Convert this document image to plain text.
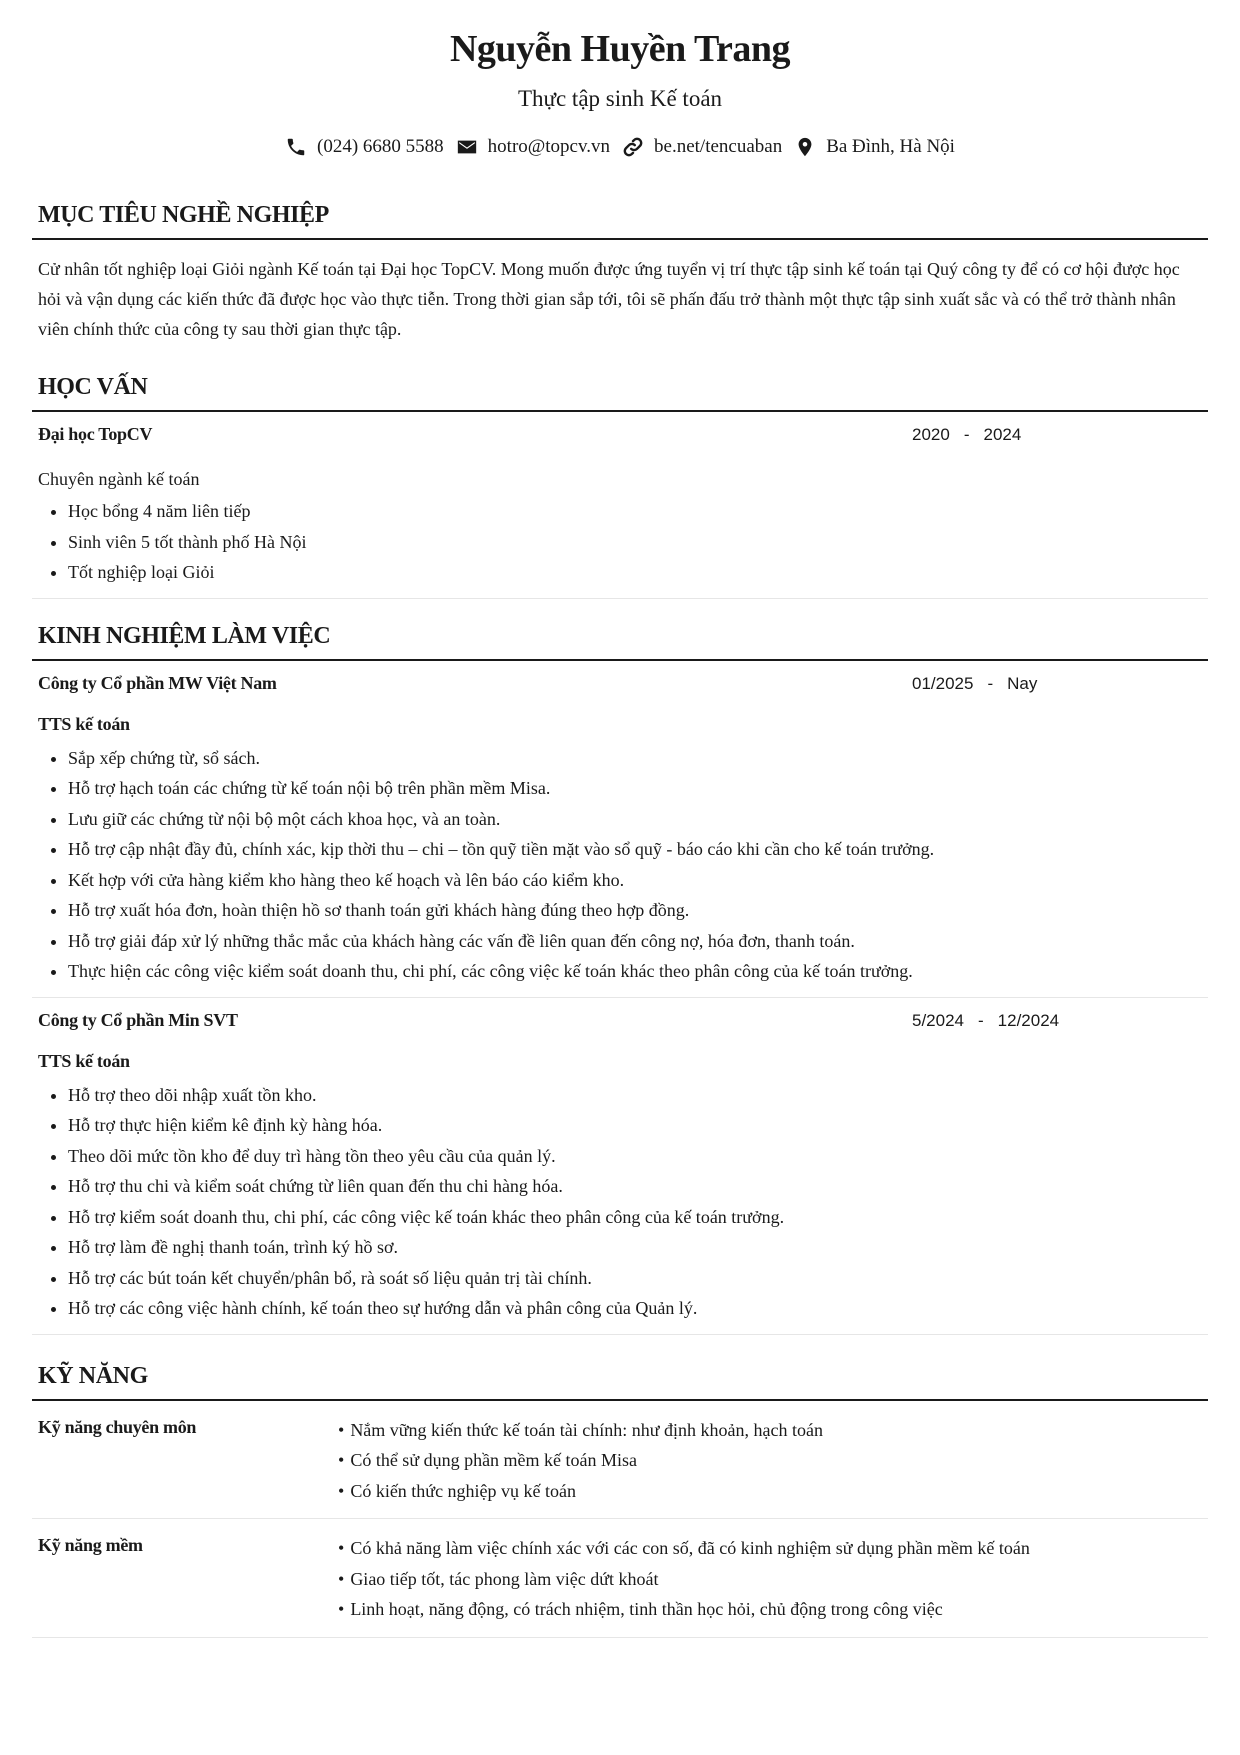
Nguyễn Huyền Trang
Thực tập sinh Kế toán
(024) 6680 5588 hotro@topcv.vn be.net/tencuaban Ba Đình, Hà Nội
MỤC TIÊU NGHỀ NGHIỆP
Cử nhân tốt nghiệp loại Giỏi ngành Kế toán tại Đại học TopCV. Mong muốn được ứng tuyển vị trí thực tập sinh kế toán tại Quý công ty để có cơ hội được học hỏi và vận dụng các kiến thức đã được học vào thực tiễn. Trong thời gian sắp tới, tôi sẽ phấn đấu trở thành một thực tập sinh xuất sắc và có thể trở thành nhân viên chính thức của công ty sau thời gian thực tập.
HỌC VẤN
Đại học TopCV	2020 - 2024
Chuyên ngành kế toán
• Học bổng 4 năm liên tiếp
• Sinh viên 5 tốt thành phố Hà Nội
• Tốt nghiệp loại Giỏi
KINH NGHIỆM LÀM VIỆC
Công ty Cổ phần MW Việt Nam	01/2025 - Nay
TTS kế toán
• Sắp xếp chứng từ, sổ sách.
• Hỗ trợ hạch toán các chứng từ kế toán nội bộ trên phần mềm Misa.
• Lưu giữ các chứng từ nội bộ một cách khoa học, và an toàn.
• Hỗ trợ cập nhật đầy đủ, chính xác, kịp thời thu – chi – tồn quỹ tiền mặt vào sổ quỹ - báo cáo khi cần cho kế toán trưởng.
• Kết hợp với cửa hàng kiểm kho hàng theo kế hoạch và lên báo cáo kiểm kho.
• Hỗ trợ xuất hóa đơn, hoàn thiện hồ sơ thanh toán gửi khách hàng đúng theo hợp đồng.
• Hỗ trợ giải đáp xử lý những thắc mắc của khách hàng các vấn đề liên quan đến công nợ, hóa đơn, thanh toán.
• Thực hiện các công việc kiểm soát doanh thu, chi phí, các công việc kế toán khác theo phân công của kế toán trưởng.
Công ty Cổ phần Min SVT	5/2024 - 12/2024
TTS kế toán
• Hỗ trợ theo dõi nhập xuất tồn kho.
• Hỗ trợ thực hiện kiểm kê định kỳ hàng hóa.
• Theo dõi mức tồn kho để duy trì hàng tồn theo yêu cầu của quản lý.
• Hỗ trợ thu chi và kiểm soát chứng từ liên quan đến thu chi hàng hóa.
• Hỗ trợ kiểm soát doanh thu, chi phí, các công việc kế toán khác theo phân công của kế toán trưởng.
• Hỗ trợ làm đề nghị thanh toán, trình ký hồ sơ.
• Hỗ trợ các bút toán kết chuyển/phân bổ, rà soát số liệu quản trị tài chính.
• Hỗ trợ các công việc hành chính, kế toán theo sự hướng dẫn và phân công của Quản lý.
KỸ NĂNG
Kỹ năng chuyên môn	• Nắm vững kiến thức kế toán tài chính: như định khoản, hạch toán
• Có thể sử dụng phần mềm kế toán Misa
• Có kiến thức nghiệp vụ kế toán
Kỹ năng mềm	• Có khả năng làm việc chính xác với các con số, đã có kinh nghiệm sử dụng phần mềm kế toán
• Giao tiếp tốt, tác phong làm việc dứt khoát
• Linh hoạt, năng động, có trách nhiệm, tinh thần học hỏi, chủ động trong công việc
